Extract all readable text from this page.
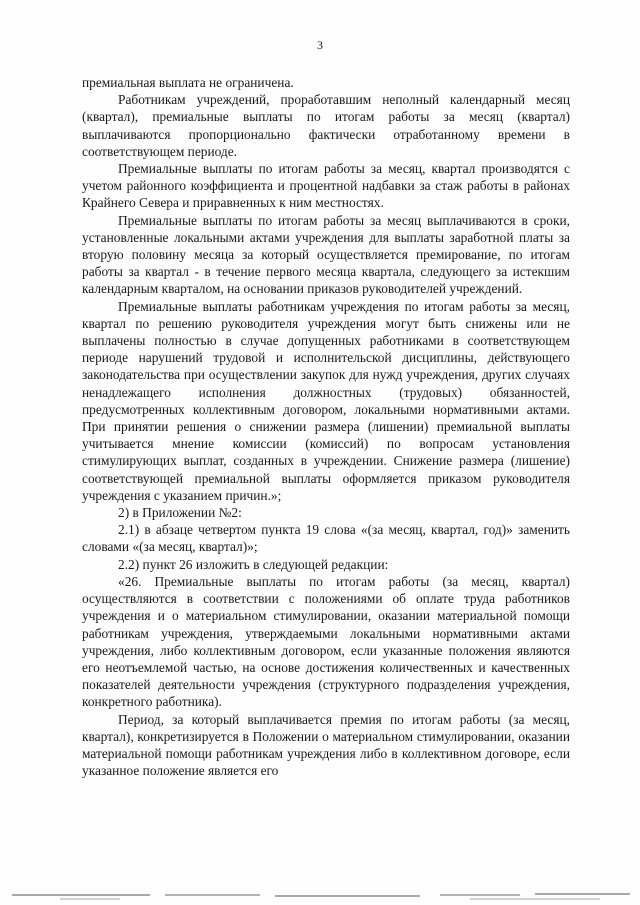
3

премиальная выплата не ограничена.

Работникам учреждений, проработавшим неполный календарный месяц (квартал), премиальные выплаты по итогам работы за месяц (квартал) выплачиваются пропорционально фактически отработанному времени в соответствующем периоде.

Премиальные выплаты по итогам работы за месяц, квартал производятся с учетом районного коэффициента и процентной надбавки за стаж работы в районах Крайнего Севера и приравненных к ним местностях.

Премиальные выплаты по итогам работы за месяц выплачиваются в сроки, установленные локальными актами учреждения для выплаты заработной платы за вторую половину месяца за который осуществляется премирование, по итогам работы за квартал - в течение первого месяца квартала, следующего за истекшим календарным кварталом, на основании приказов руководителей учреждений.

Премиальные выплаты работникам учреждения по итогам работы за месяц, квартал по решению руководителя учреждения могут быть снижены или не выплачены полностью в случае допущенных работниками в соответствующем периоде нарушений трудовой и исполнительской дисциплины, действующего законодательства при осуществлении закупок для нужд учреждения, других случаях ненадлежащего исполнения должностных (трудовых) обязанностей, предусмотренных коллективным договором, локальными нормативными актами. При принятии решения о снижении размера (лишении) премиальной выплаты учитывается мнение комиссии (комиссий) по вопросам установления стимулирующих выплат, созданных в учреждении. Снижение размера (лишение) соответствующей премиальной выплаты оформляется приказом руководителя учреждения с указанием причин.»;

2) в Приложении №2:

2.1) в абзаце четвертом пункта 19 слова «(за месяц, квартал, год)» заменить словами «(за месяц, квартал)»;

2.2) пункт 26 изложить в следующей редакции:

«26. Премиальные выплаты по итогам работы (за месяц, квартал) осуществляются в соответствии с положениями об оплате труда работников учреждения и о материальном стимулировании, оказании материальной помощи работникам учреждения, утверждаемыми локальными нормативными актами учреждения, либо коллективным договором, если указанные положения являются его неотъемлемой частью, на основе достижения количественных и качественных показателей деятельности учреждения (структурного подразделения учреждения, конкретного работника).

Период, за который выплачивается премия по итогам работы (за месяц, квартал), конкретизируется в Положении о материальном стимулировании, оказании материальной помощи работникам учреждения либо в коллективном договоре, если указанное положение является его
